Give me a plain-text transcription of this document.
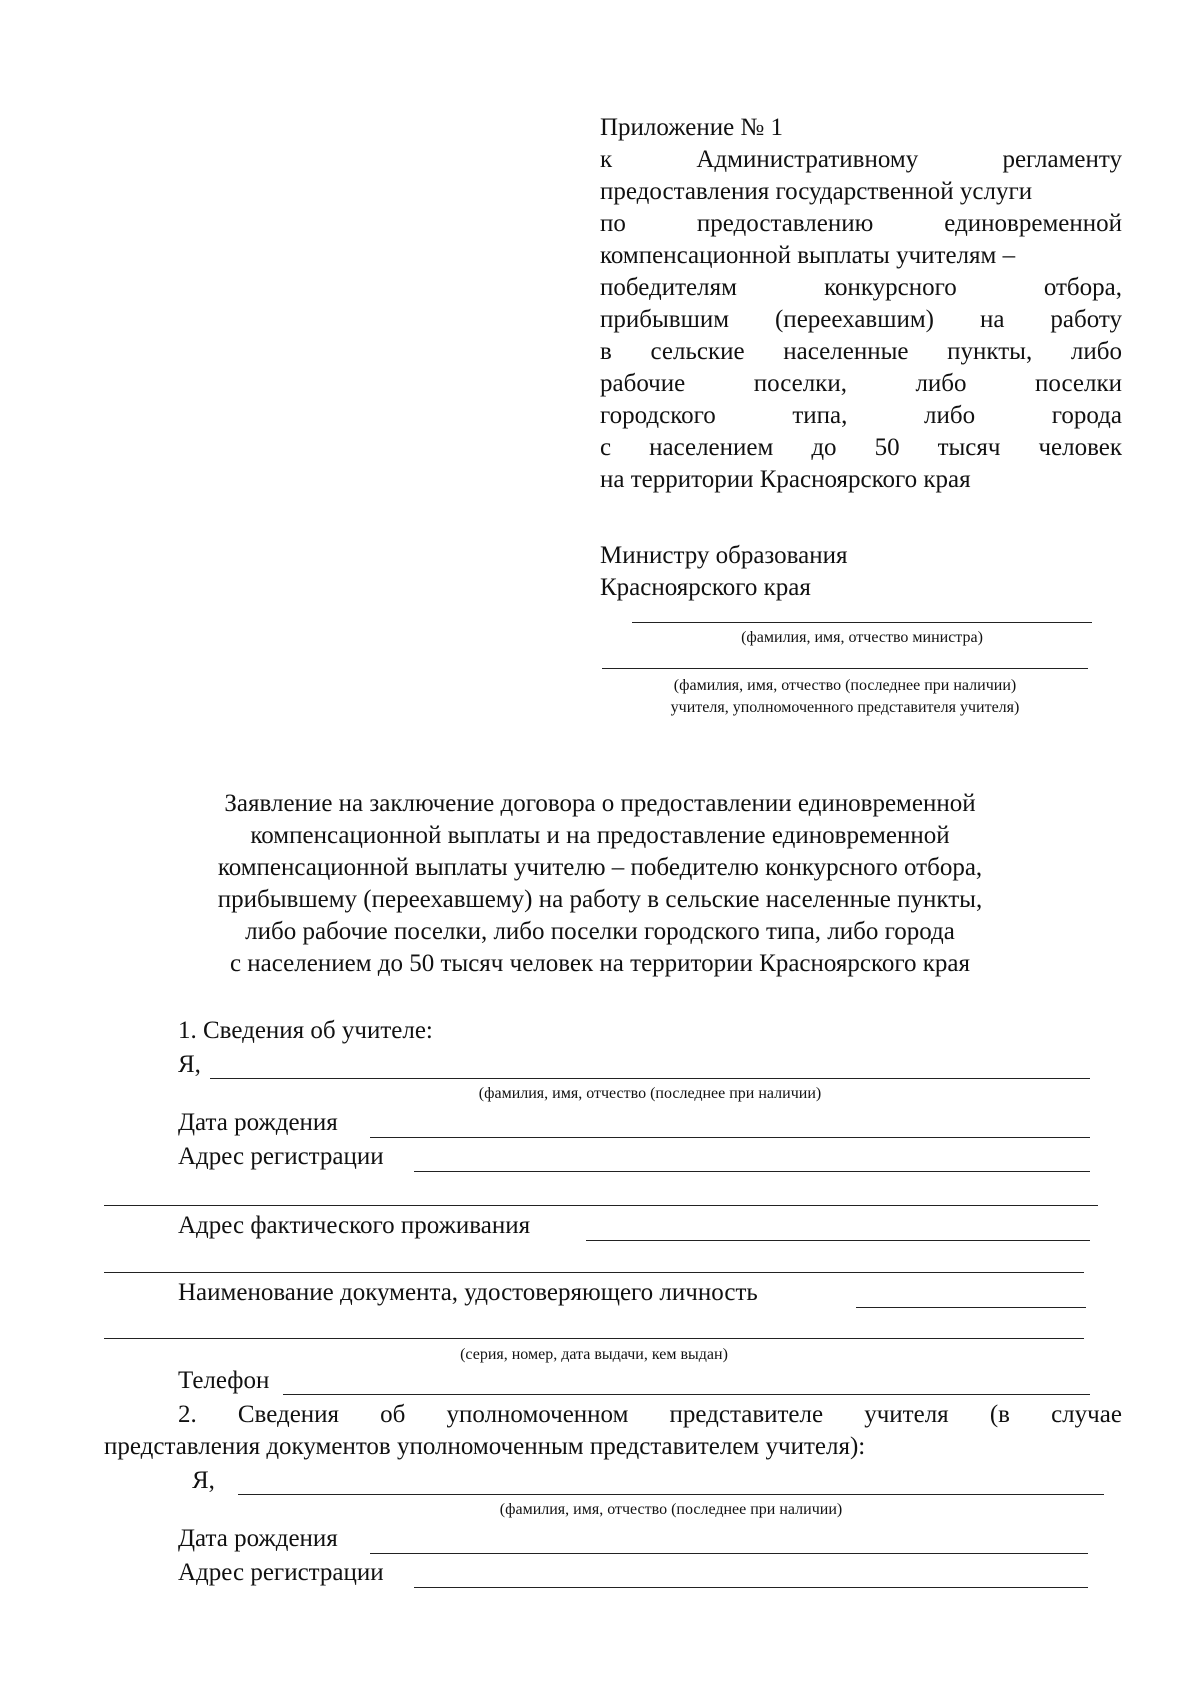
Приложение № 1
к	Административному	регламенту
предоставления государственной услуги
по	предоставлению	единовременной
компенсационной выплаты учителям –
победителям	конкурсного	отбора,
прибывшим (переехавшим) на работу
в сельские населенные пункты, либо
рабочие	поселки,	либо	поселки
городского	типа,	либо	города
с населением до 50 тысяч человек
на территории Красноярского края
Министру образования
Красноярского края
(фамилия, имя, отчество министра)
(фамилия, имя, отчество (последнее при наличии)
учителя, уполномоченного представителя учителя)
Заявление на заключение договора о предоставлении единовременной
компенсационной выплаты и на предоставление единовременной
компенсационной выплаты учителю – победителю конкурсного отбора,
прибывшему (переехавшему) на работу в сельские населенные пункты,
либо рабочие поселки, либо поселки городского типа, либо города
с населением до 50 тысяч человек на территории Красноярского края
1. Сведения об учителе:
Я,
(фамилия, имя, отчество (последнее при наличии)
Дата рождения
Адрес регистрации
Адрес фактического проживания
Наименование документа, удостоверяющего личность
(серия, номер, дата выдачи, кем выдан)
Телефон
2. Сведения об уполномоченном представителе учителя (в случае
представления документов уполномоченным представителем учителя):
Я,
(фамилия, имя, отчество (последнее при наличии)
Дата рождения
Адрес регистрации
